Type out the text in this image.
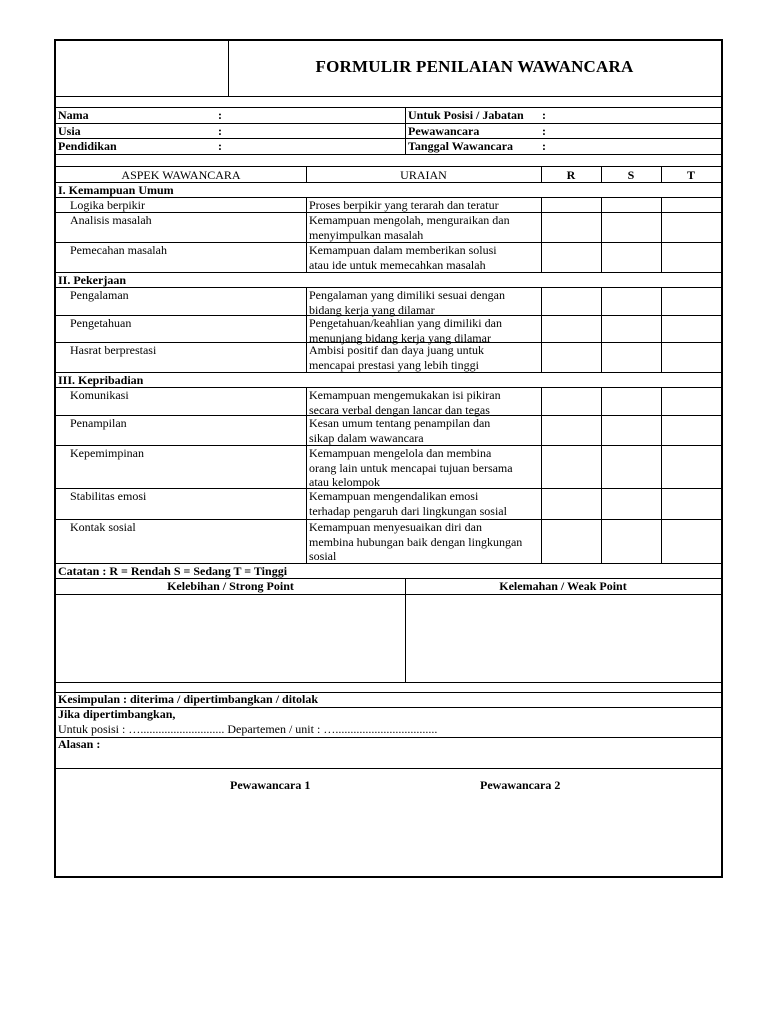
FORMULIR PENILAIAN WAWANCARA
Nama	:
Usia	:
Pendidikan	:
Untuk Posisi / Jabatan :
Pewawancara	:
Tanggal Wawancara :
ASPEK WAWANCARA	URAIAN	R	S	T
I. Kemampuan Umum
Logika berpikir	Proses berpikir yang terarah dan teratur
Analisis masalah	Kemampuan mengolah, menguraikan dan
menyimpulkan masalah
Pemecahan masalah	Kemampuan dalam memberikan solusi
atau ide untuk memecahkan masalah
II. Pekerjaan
Pengalaman	Pengalaman yang dimiliki sesuai dengan
bidang kerja yang dilamar
Pengetahuan	Pengetahuan/keahlian yang dimiliki dan
menunjang bidang kerja yang dilamar
Hasrat berprestasi	Ambisi positif dan daya juang untuk
mencapai prestasi yang lebih tinggi
III. Kepribadian
Komunikasi	Kemampuan mengemukakan isi pikiran
secara verbal dengan lancar dan tegas
Penampilan	Kesan umum tentang penampilan dan
sikap dalam wawancara
Kepemimpinan	Kemampuan mengelola dan membina
orang lain untuk mencapai tujuan bersama
atau kelompok
Stabilitas emosi	Kemampuan mengendalikan emosi
terhadap pengaruh dari lingkungan sosial
Kontak sosial	Kemampuan menyesuaikan diri dan
membina hubungan baik dengan lingkungan
sosial
Catatan : R = Rendah S = Sedang T = Tinggi
Kelebihan / Strong Point	Kelemahan / Weak Point
Kesimpulan : diterima / dipertimbangkan / ditolak
Jika dipertimbangkan,
Untuk posisi : …............................ Departemen / unit : …..................................
Alasan :
Pewawancara 1	Pewawancara 2
